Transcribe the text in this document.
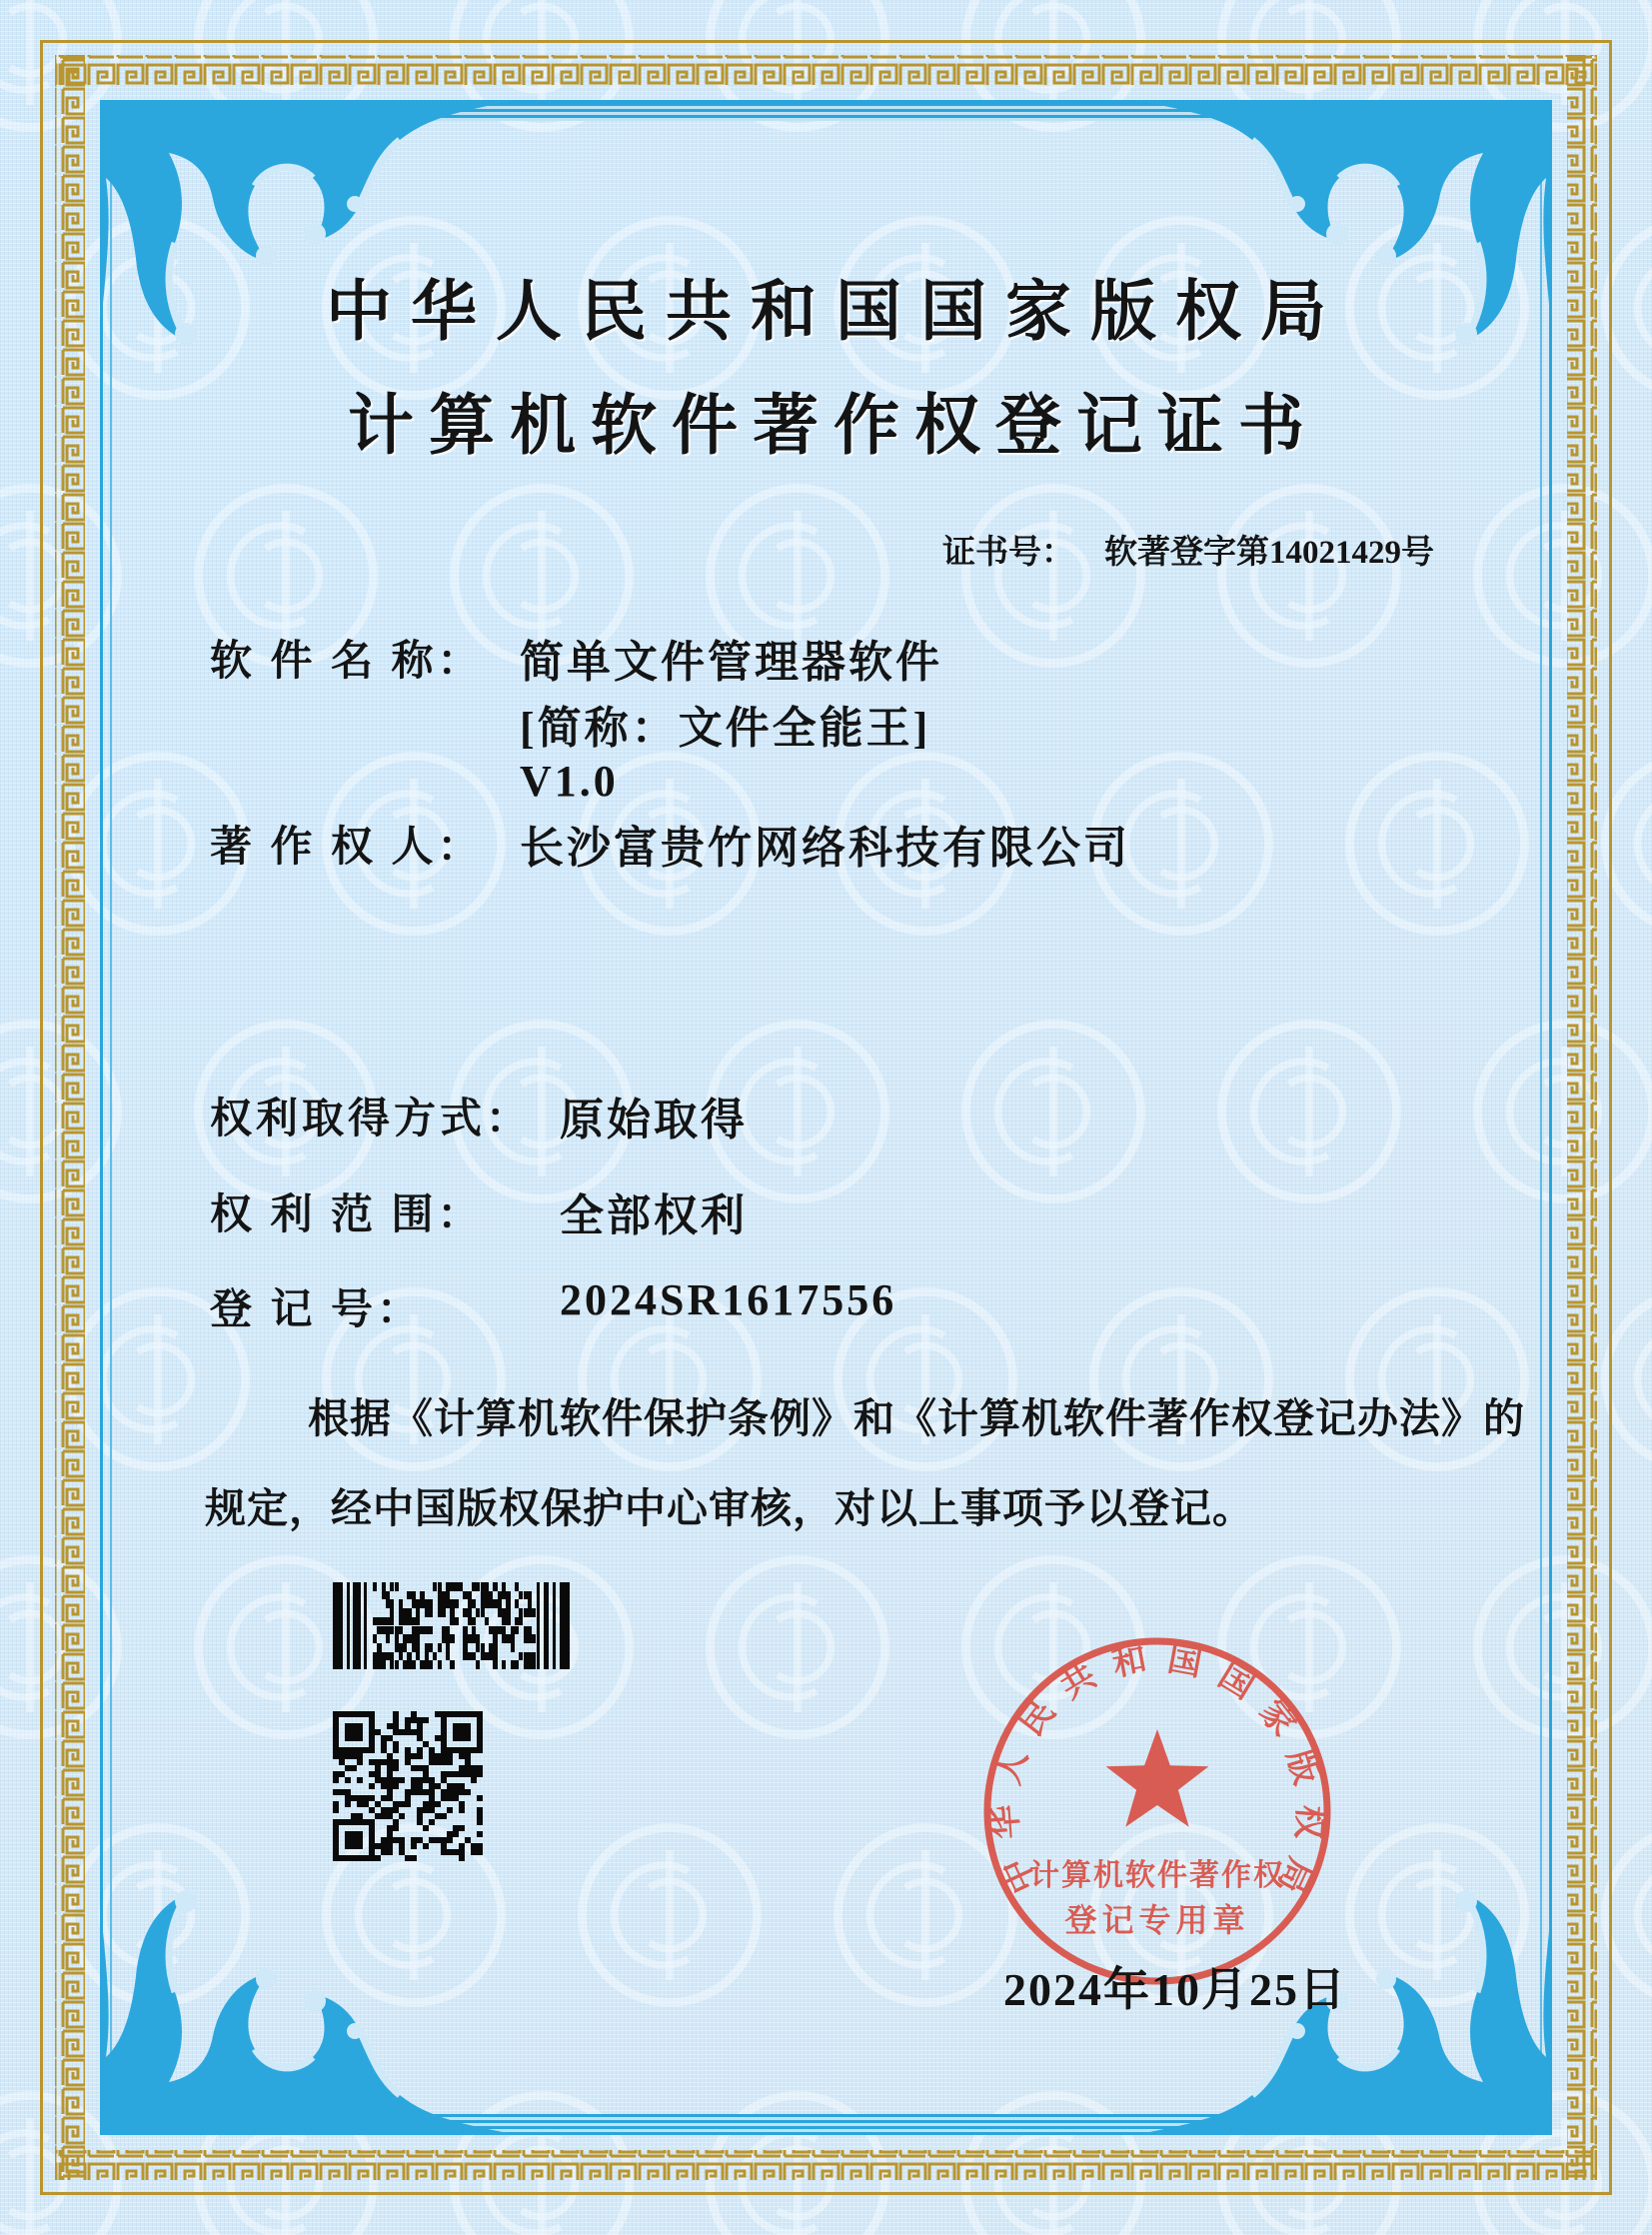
中华人民共和国国家版权局
计算机软件著作权登记证书
证书号： 软著登字第14021429号
软 件 名 称： 简单文件管理器软件
[简称：文件全能王]
V1.0
著 作 权 人： 长沙富贵竹网络科技有限公司
权利取得方式： 原始取得
权 利 范 围： 全部权利
登 记 号：	2024SR1617556
根据《计算机软件保护条例》和《计算机软件著作权登记办法》的
规定，经中国版权保护中心审核，对以上事项予以登记。
中
华
人
民
共 和 国 国
家
版
权
局
计算机软件著作权
登记专用章
2024年10月25日
